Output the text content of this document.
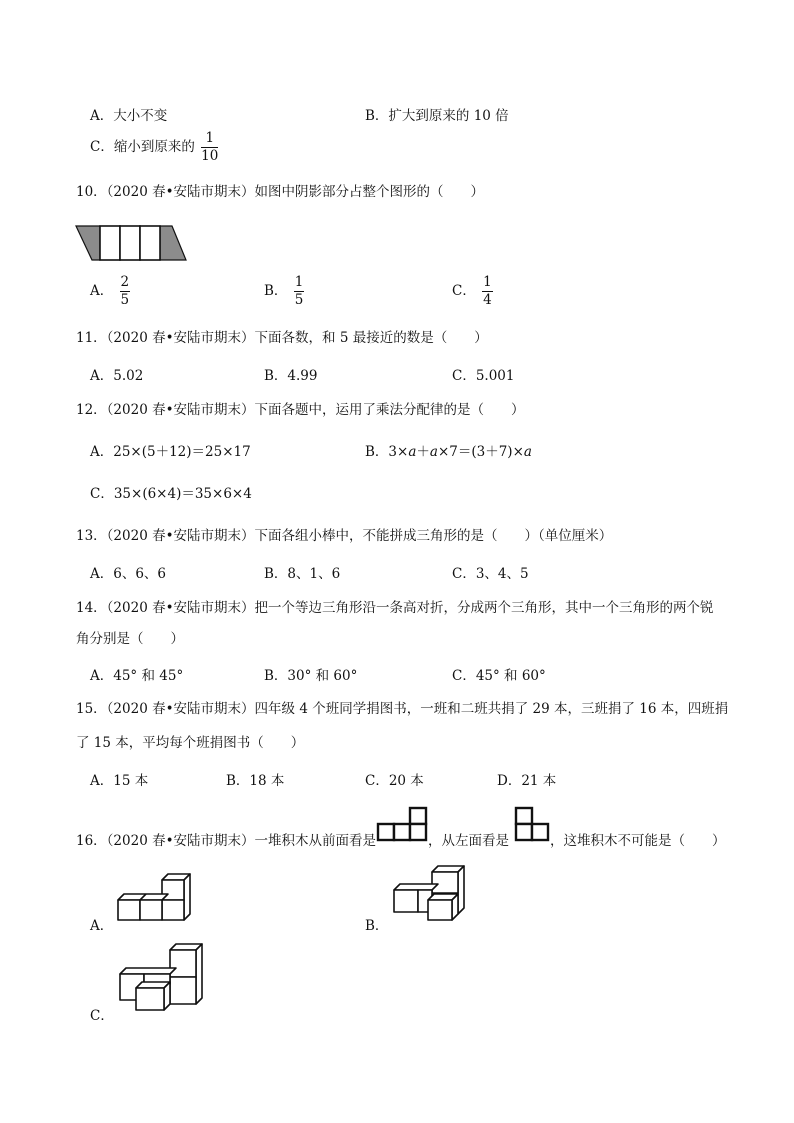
A．大小不变	B．扩大到原来的 10 倍
C．缩小到原来的 $\frac{1}{10}$
10．（2020 春•安陆市期末）如图中阴影部分占整个图形的（　　）
A． $\frac{2}{5}$	B． $\frac{1}{5}$	C． $\frac{1}{4}$
11．（2020 春•安陆市期末）下面各数，和 5 最接近的数是（　　）
A．5.02	B．4.99	C．5.001
12．（2020 春•安陆市期末）下面各题中，运用了乘法分配律的是（　　）
A．25×(5＋12)＝25×17	B．3×a＋a×7＝(3＋7)×a
C．35×(6×4)＝35×6×4
13．（2020 春•安陆市期末）下面各组小棒中，不能拼成三角形的是（　　）（单位厘米）
A．6、6、6	B．8、1、6	C．3、4、5
14．（2020 春•安陆市期末）把一个等边三角形沿一条高对折，分成两个三角形，其中一个三角形的两个锐
角分别是（　　）
A．45° 和 45°	B．30° 和 60°	C．45° 和 60°
15．（2020 春•安陆市期末）四年级 4 个班同学捐图书，一班和二班共捐了 29 本，三班捐了 16 本，四班捐
了 15 本，平均每个班捐图书（　　）
A．15 本	B．18 本	C．20 本	D．21 本
16．（2020 春•安陆市期末）一堆积木从前面看是	，从左面看是	，这堆积木不可能是（　　）
A．	B．
C．
